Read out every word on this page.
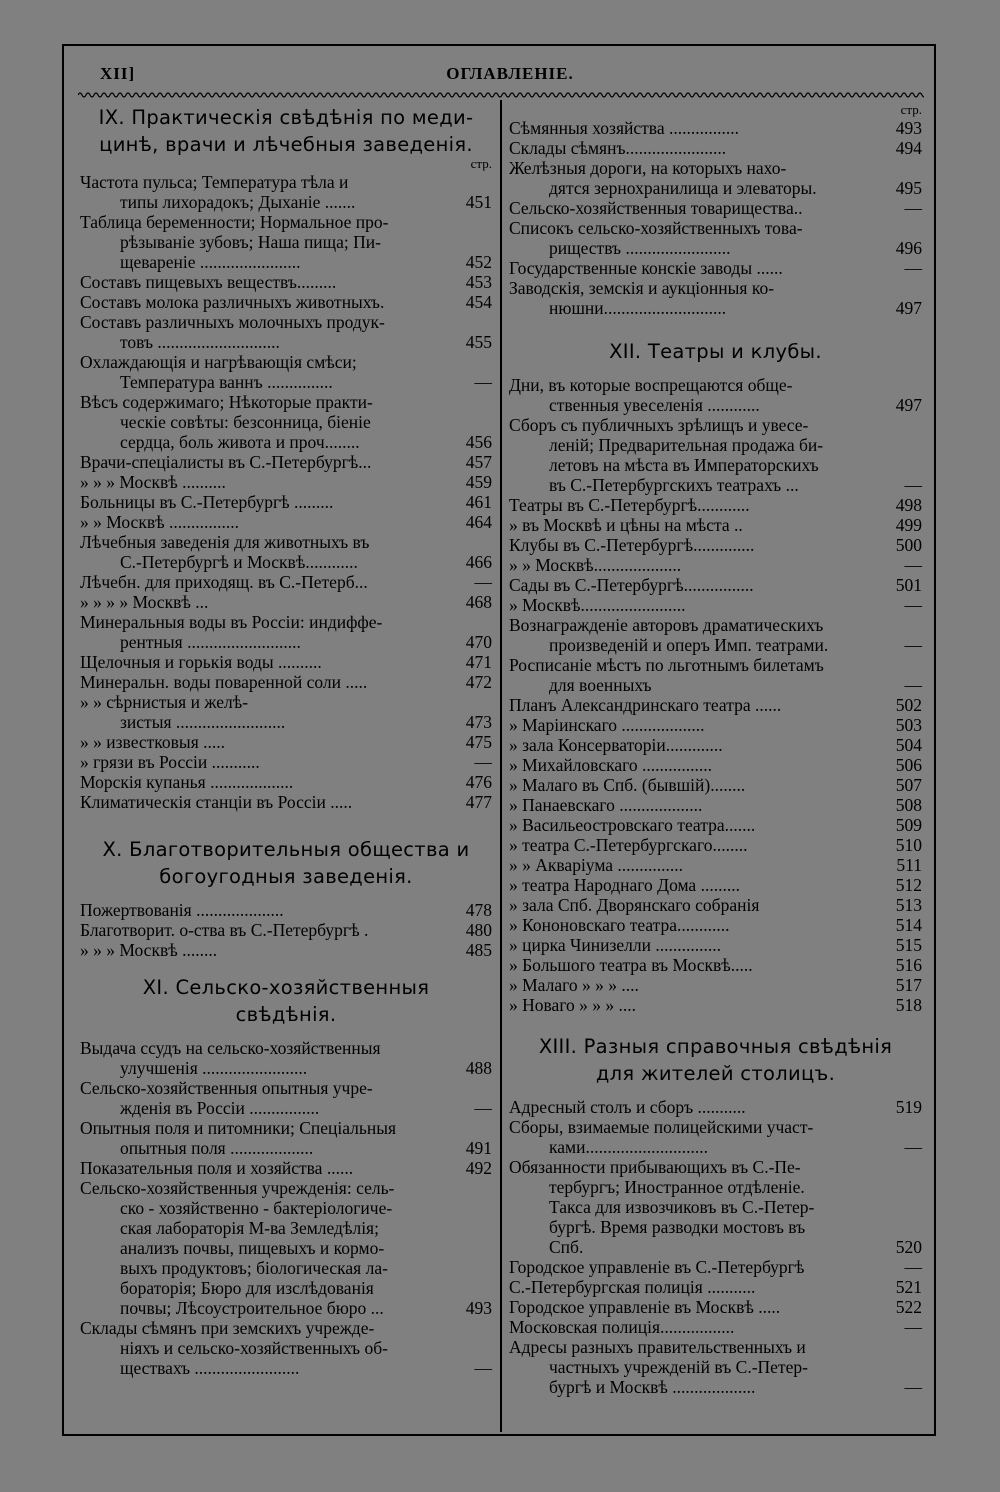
XII]	ОГЛАВЛЕНІЕ.
IX. Практическія свѣдѣнія по меди-
цинѣ, врачи и лѣчебныя заведенія.
стр.
Частота пульса; Температура тѣла и
типы лихорадокъ; Дыханіе .......	451
Таблица беременности; Нормальное про-
рѣзываніе зубовъ; Наша пища; Пи-
щевареніе .......................	452
Составъ пищевыхъ веществъ.........	453
Составъ молока различныхъ животныхъ.	454
Составъ различныхъ молочныхъ продук-
товъ ............................	455
Охлаждающія и нагрѣвающія смѣси;
Температура ваннъ ...............	—
Вѣсъ содержимаго; Нѣкоторые практи-
ческіе совѣты: безсонница, біеніе
сердца, боль живота и проч........	456
Врачи-спеціалисты въ С.-Петербургѣ...	457
» » » Москвѣ ..........	459
Больницы въ С.-Петербургѣ .........	461
» » Москвѣ ................	464
Лѣчебныя заведенія для животныхъ въ
С.-Петербургѣ и Москвѣ............	466
Лѣчебн. для приходящ. въ С.-Петерб...	—
» » » » Москвѣ ...	468
Минеральныя воды въ Россіи: индиффе-
рентныя ..........................	470
Щелочныя и горькія воды ..........	471
Минеральн. воды поваренной соли .....	472
» » сѣрнистыя и желѣ-
зистыя .........................	473
» » известковыя .....	475
» грязи въ Россіи ...........	—
Морскія купанья ...................	476
Климатическія станціи въ Россіи .....	477
X. Благотворительныя общества и
богоугодныя заведенія.
Пожертвованія ....................	478
Благотворит. о-ства въ С.-Петербургѣ .	480
» » » Москвѣ ........	485
XI. Сельско-хозяйственныя
свѣдѣнія.
Выдача ссудъ на сельско-хозяйственныя
улучшенія ........................	488
Сельско-хозяйственныя опытныя учре-
жденія въ Россіи ................	—
Опытныя поля и питомники; Спеціальныя
опытныя поля ...................	491
Показательныя поля и хозяйства ......	492
Сельско-хозяйственныя учрежденія: сель-
ско - хозяйственно - бактеріологиче-
ская лабораторія М-ва Земледѣлія;
анализъ почвы, пищевыхъ и кормо-
выхъ продуктовъ; біологическая ла-
бораторія; Бюро для изслѣдованія
почвы; Лѣсоустроительное бюро ...	493
Склады сѣмянъ при земскихъ учрежде-
ніяхъ и сельско-хозяйственныхъ об-
ществахъ ........................	—
стр.
Сѣмянныя хозяйства ................	493
Склады сѣмянъ.......................	494
Желѣзныя дороги, на которыхъ нахо-
дятся зернохранилища и элеваторы.	495
Сельско-хозяйственныя товарищества..	—
Списокъ сельско-хозяйственныхъ това-
риществъ ........................	496
Государственные конскіе заводы ......	—
Заводскія, земскія и аукціонныя ко-
нюшни............................	497
XII. Театры и клубы.
Дни, въ которые воспрещаются обще-
ственныя увеселенія ............	497
Сборъ съ публичныхъ зрѣлищъ и увесе-
леній; Предварительная продажа би-
летовъ на мѣста въ Императорскихъ
въ С.-Петербургскихъ театрахъ ...	—
Театры въ С.-Петербургѣ............	498
» въ Москвѣ и цѣны на мѣста ..	499
Клубы въ С.-Петербургѣ..............	500
» » Москвѣ....................	—
Сады въ С.-Петербургѣ................	501
» Москвѣ........................	—
Вознагражденіе авторовъ драматическихъ
произведеній и оперъ Имп. театрами.	—
Росписаніе мѣстъ по льготнымъ билетамъ
для военныхъ	—
Планъ Александринскаго театра ......	502
» Маріинскаго ...................	503
» зала Консерваторіи.............	504
» Михайловскаго ................	506
» Малаго въ Спб. (бывшій)........	507
» Панаевскаго ...................	508
» Васильеостровскаго театра.......	509
» театра С.-Петербургскаго........	510
» » Акваріума ...............	511
» театра Народнаго Дома .........	512
» зала Спб. Дворянскаго собранія	513
» Кононовскаго театра............	514
» цирка Чинизелли ...............	515
» Большого театра въ Москвѣ.....	516
» Малаго » » » ....	517
» Новаго » » » ....	518
XIII. Разныя справочныя свѣдѣнія
для жителей столицъ.
Адресный столъ и сборъ ...........	519
Сборы, взимаемые полицейскими участ-
ками............................	—
Обязанности прибывающихъ въ С.-Пе-
тербургъ; Иностранное отдѣленіе.
Такса для извозчиковъ въ С.-Петер-
бургѣ. Время разводки мостовъ въ
Спб.	520
Городское управленіе въ С.-Петербургѣ	—
С.-Петербургская полиція ...........	521
Городское управленіе въ Москвѣ .....	522
Московская полиція.................	—
Адресы разныхъ правительственныхъ и
частныхъ учрежденій въ С.-Петер-
бургѣ и Москвѣ ...................	—
